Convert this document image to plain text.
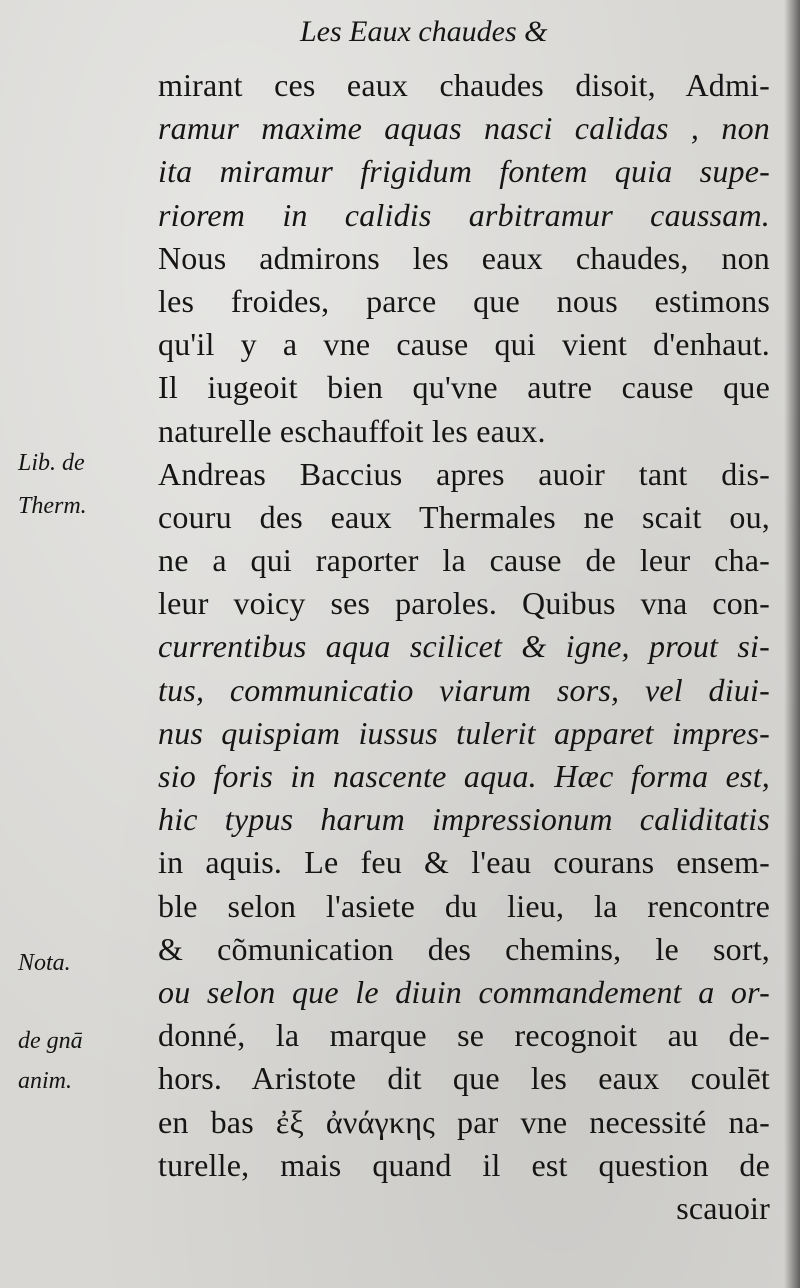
Les Eaux chaudes &
Lib. de
Therm.
Nota.
de gnā
anim.
mirant ces eaux chaudes disoit, Admi-
ramur maxime aquas nasci calidas , non
ita miramur frigidum fontem quia supe-
riorem in calidis arbitramur caussam.
Nous admirons les eaux chaudes, non
les froides, parce que nous estimons
qu'il y a vne cause qui vient d'enhaut.
Il iugeoit bien qu'vne autre cause que
naturelle eschauffoit les eaux.
Andreas Baccius apres auoir tant dis-
couru des eaux Thermales ne scait ou,
ne a qui raporter la cause de leur cha-
leur voicy ses paroles. Quibus vna con-
currentibus aqua scilicet & igne, prout si-
tus, communicatio viarum sors, vel diui-
nus quispiam iussus tulerit apparet impres-
sio foris in nascente aqua. Hæc forma est,
hic typus harum impressionum caliditatis
in aquis. Le feu & l'eau courans ensem-
ble selon l'asiete du lieu, la rencontre
& cõmunication des chemins, le sort,
ou selon que le diuin commandement a or-
donné, la marque se recognoit au de-
hors. Aristote dit que les eaux coulēt
en bas ἐξ ἀνάγκης par vne necessité na-
turelle, mais quand il est question de
scauoir
